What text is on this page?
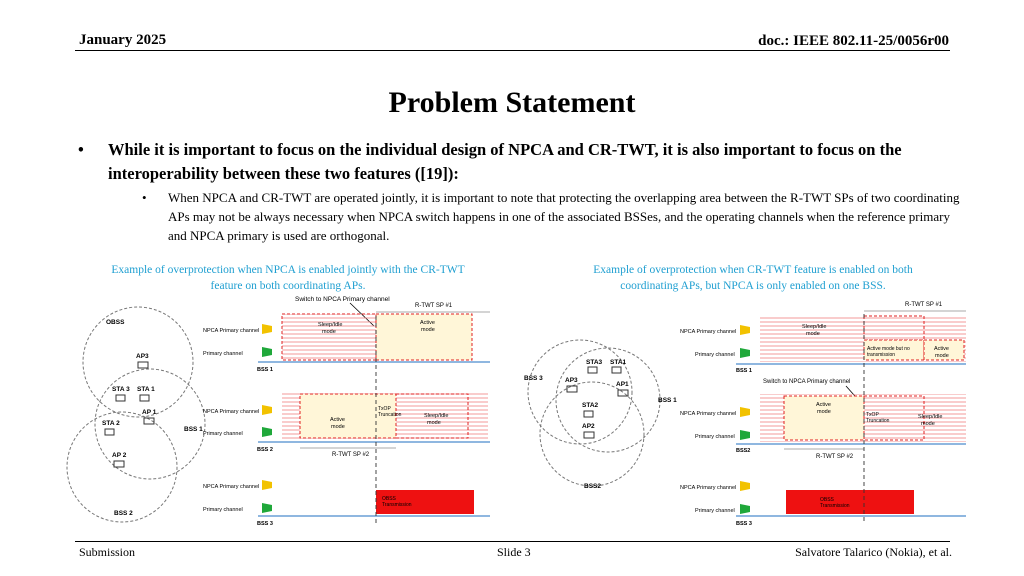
January 2025	doc.: IEEE 802.11-25/0056r00
Problem Statement
• While it is important to focus on the individual design of NPCA and CR-TWT, it is also important to focus on the interoperability between these two features ([19]):
• When NPCA and CR-TWT are operated jointly, it is important to note that protecting the overlapping area between the R-TWT SPs of two coordinating APs may not be always necessary when NPCA switch happens in one of the associated BSSes, and the operating channels when the reference primary and NPCA primary is used are orthogonal.
Example of overprotection when NPCA is enabled jointly with the CR-TWT feature on both coordinating APs.
Example of overprotection when CR-TWT feature is enabled on both coordinating APs, but NPCA is only enabled on one BSS.
OBSS
AP3
STA 3 STA 1
AP 1
STA 2
BSS 1
AP 2
BSS 2
Switch to NPCA Primary channel
R-TWT SP #1
NPCA Primary channel
Primary channel
Sleep/Idle
mode
Active
mode
BSS 1
NPCA Primary channel
Primary channel
Active
mode
TxOP
Truncation	Sleep/Idle
mode
BSS 2
R-TWT SP #2
NPCA Primary channel
Primary channel
OBSS
Transmission
BSS 3
BSS 3
STA3 STA1
AP3
AP1
BSS 1
STA2
AP2
BSS2
R-TWT SP #1
NPCA Primary channel
Primary channel
Sleep/Idle
mode
Active mode but no
transmission
Active
mode
BSS 1
Switch to NPCA Primary channel
NPCA Primary channel
Primary channel
Active
mode	TxOP
Truncation
Sleep/Idle
mode
BSS2
R-TWT SP #2
NPCA Primary channel
Primary channel
OBSS
Transmission
BSS 3
Submission	Slide 3	Salvatore Talarico (Nokia), et al.
